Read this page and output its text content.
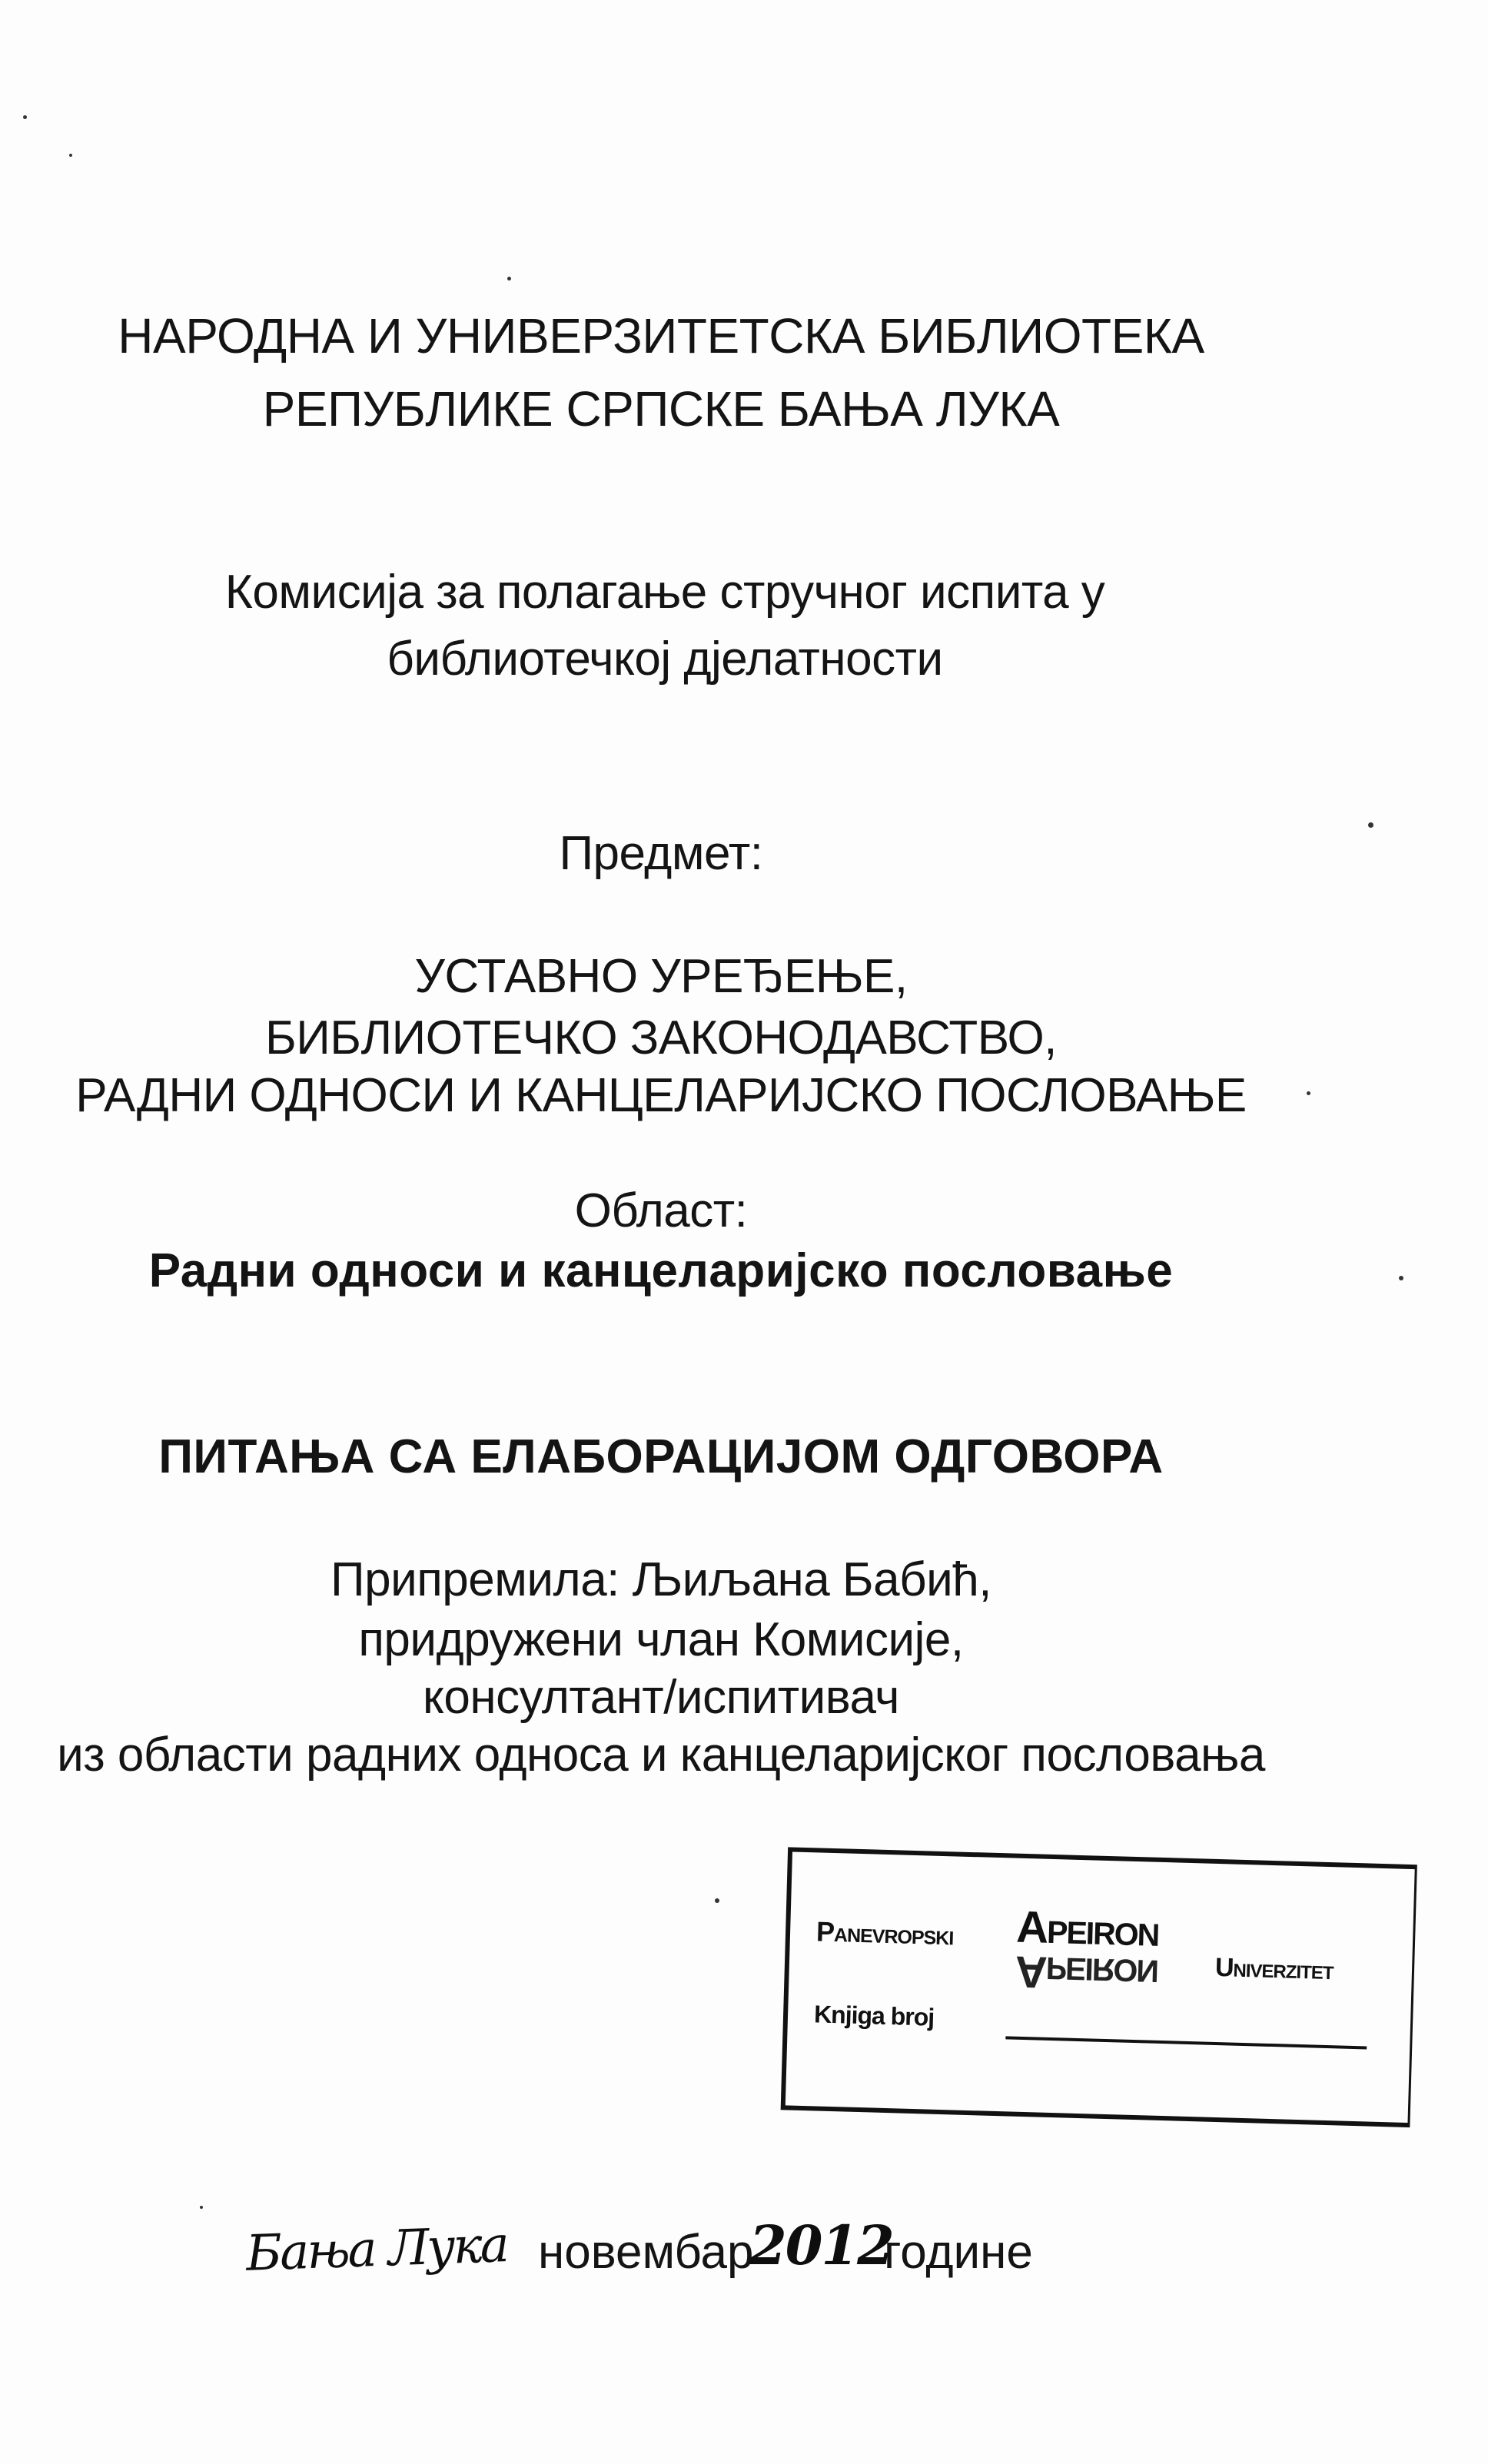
НАРОДНА И УНИВЕРЗИТЕТСКА БИБЛИОТЕКА
РЕПУБЛИКЕ СРПСКЕ БАЊА ЛУКА
Комисија за полагање стручног испита у
библиотечкој дјелатности
Предмет:
УСТАВНО УРЕЂЕЊЕ,
БИБЛИОТЕЧКО ЗАКОНОДАВСТВО,
РАДНИ ОДНОСИ И КАНЦЕЛАРИЈСКО ПОСЛОВАЊЕ
Област:
Радни односи и канцеларијско пословање
ПИТАЊА СА ЕЛАБОРАЦИЈОМ ОДГОВОРА
Припремила: Љиљана Бабић,
придружени члан Комисије,
консултант/испитивач
из области радних односа и канцеларијског пословања
Panevropski Apeiron
Apeiron Univerzitet
Knjiga broj
Бања Лука новембар
2012
године
